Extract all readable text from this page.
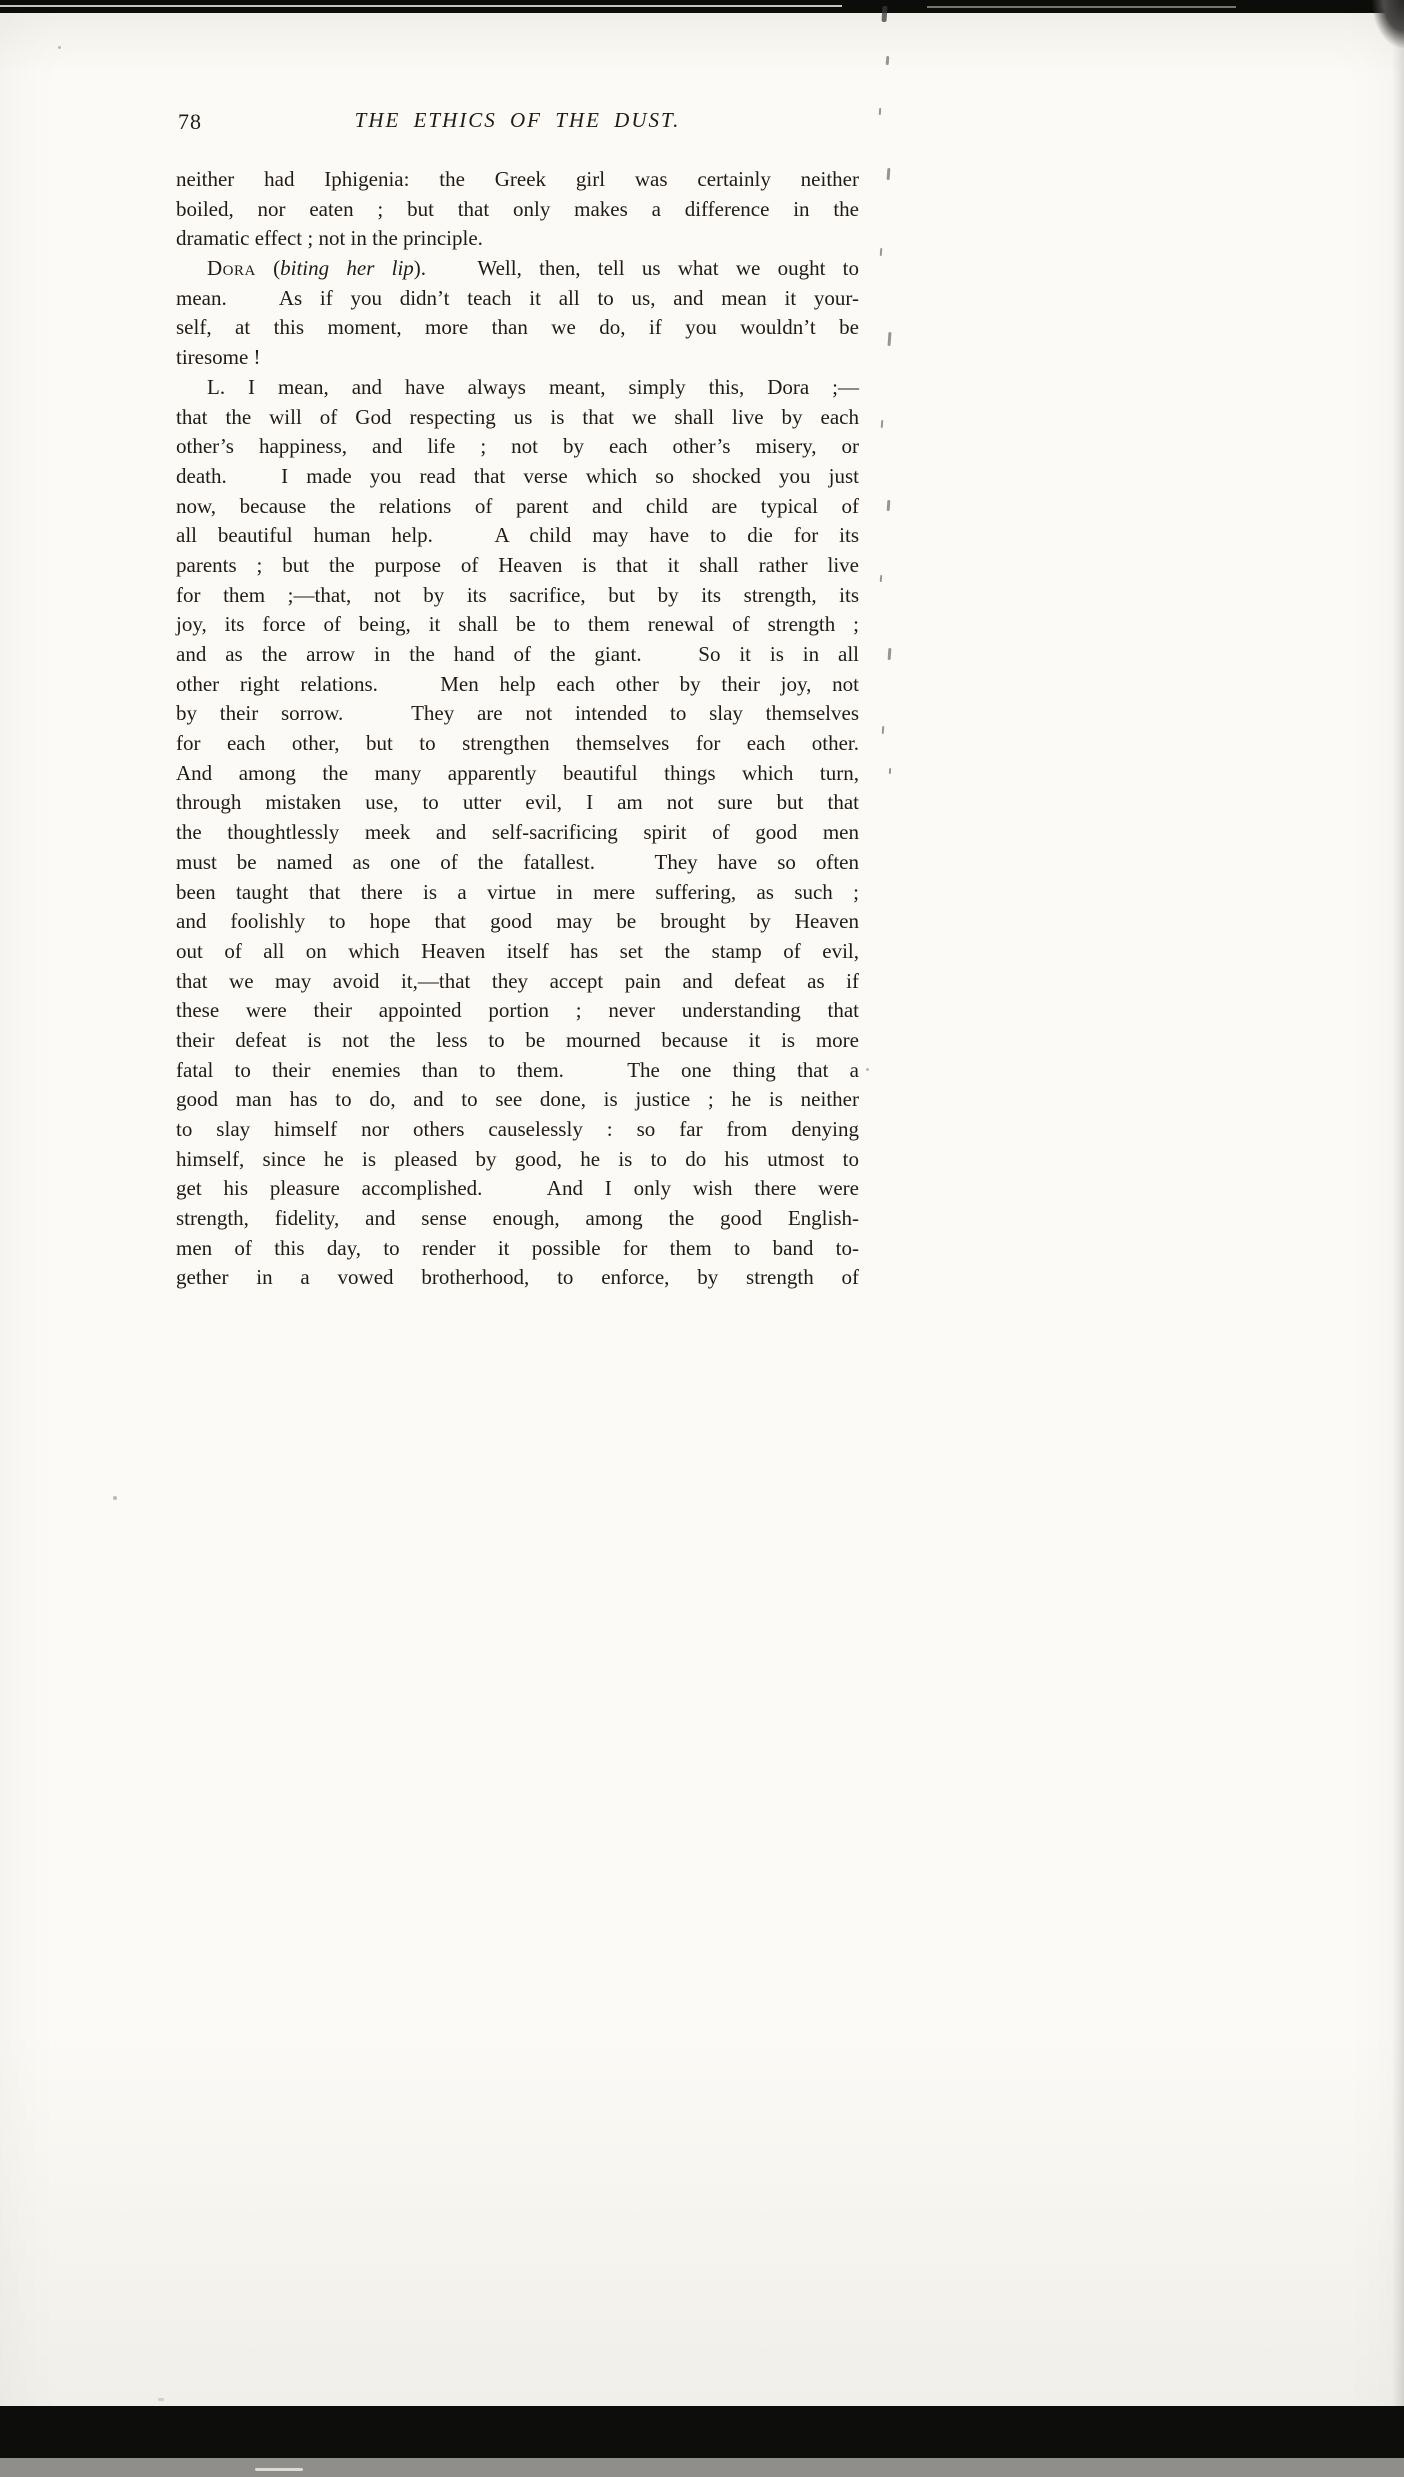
78	THE ETHICS OF THE DUST.
neither had Iphigenia: the Greek girl was certainly neither
boiled, nor eaten ; but that only makes a difference in the
dramatic effect ; not in the principle.
Dora (biting her lip).   Well, then, tell us what we ought to
mean.   As if you didn’t teach it all to us, and mean it your-
self, at this moment, more than we do, if you wouldn’t be
tiresome !
L. I mean, and have always meant, simply this, Dora ;—
that the will of God respecting us is that we shall live by each
other’s happiness, and life ; not by each other’s misery, or
death.   I made you read that verse which so shocked you just
now, because the relations of parent and child are typical of
all beautiful human help.   A child may have to die for its
parents ; but the purpose of Heaven is that it shall rather live
for them ;—that, not by its sacrifice, but by its strength, its
joy, its force of being, it shall be to them renewal of strength ;
and as the arrow in the hand of the giant.   So it is in all
other right relations.   Men help each other by their joy, not
by their sorrow.   They are not intended to slay themselves
for each other, but to strengthen themselves for each other.
And among the many apparently beautiful things which turn,
through mistaken use, to utter evil, I am not sure but that
the thoughtlessly meek and self-sacrificing spirit of good men
must be named as one of the fatallest.   They have so often
been taught that there is a virtue in mere suffering, as such ;
and foolishly to hope that good may be brought by Heaven
out of all on which Heaven itself has set the stamp of evil,
that we may avoid it,—that they accept pain and defeat as if
these were their appointed portion ; never understanding that
their defeat is not the less to be mourned because it is more
fatal to their enemies than to them.   The one thing that a
good man has to do, and to see done, is justice ; he is neither
to slay himself nor others causelessly : so far from denying
himself, since he is pleased by good, he is to do his utmost to
get his pleasure accomplished.   And I only wish there were
strength, fidelity, and sense enough, among the good English-
men of this day, to render it possible for them to band to-
gether in a vowed brotherhood, to enforce, by strength of
